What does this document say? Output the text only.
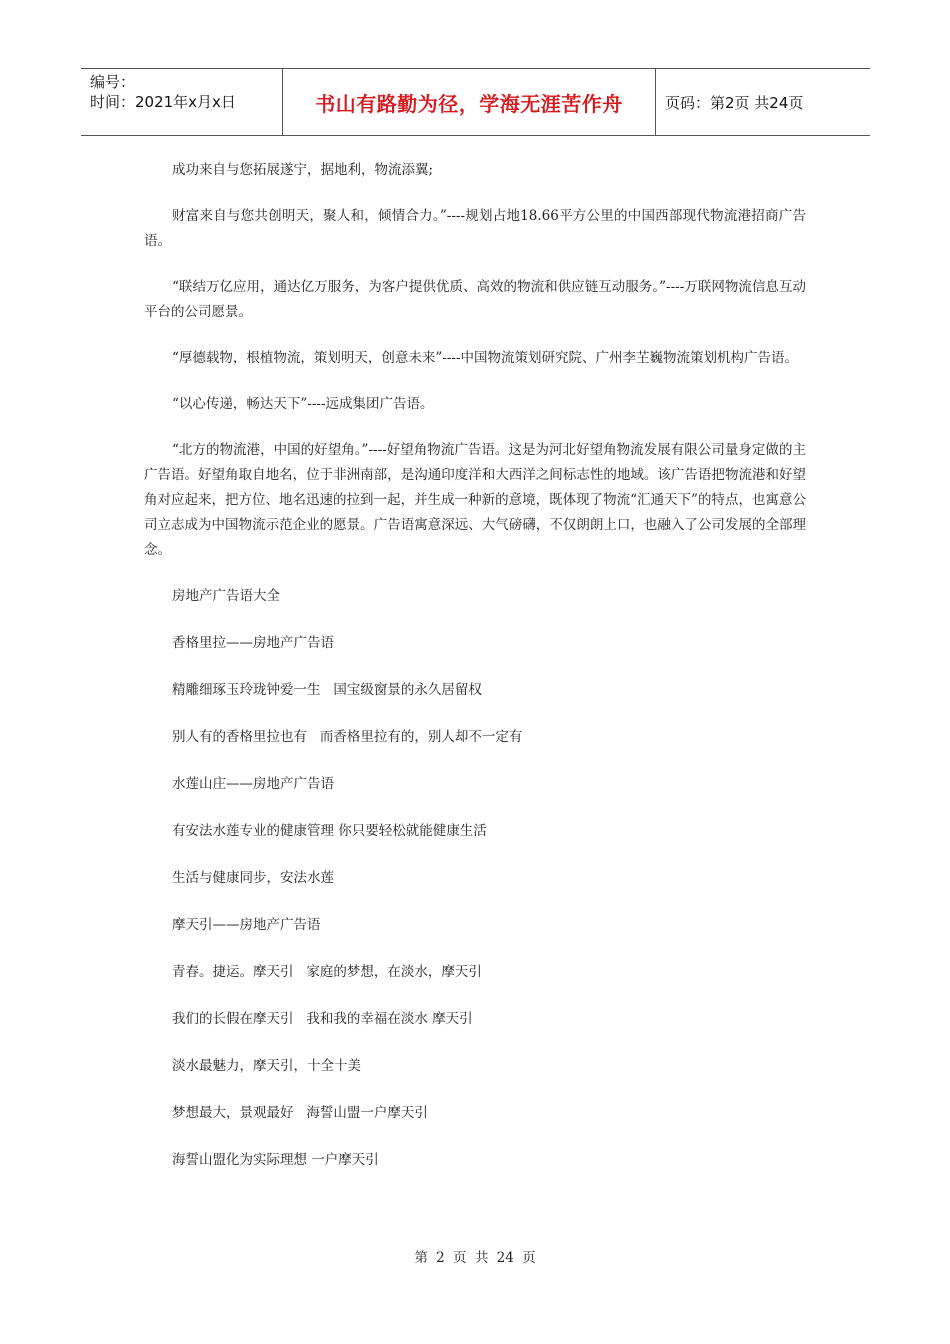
编号：
时间：2021年x月x日	书山有路勤为径，学海无涯苦作舟	页码：第2页 共24页

成功来自与您拓展遂宁，据地利，物流添翼;

财富来自与您共创明天，聚人和，倾情合力。”----规划占地18.66平方公里的中国西部现代物流港招商广告语。

“联结万亿应用，通达亿万服务，为客户提供优质、高效的物流和供应链互动服务。”----万联网物流信息互动平台的公司愿景。

“厚德载物，根植物流，策划明天，创意未来”----中国物流策划研究院、广州李芏巍物流策划机构广告语。

“以心传递，畅达天下”----远成集团广告语。

“北方的物流港，中国的好望角。”----好望角物流广告语。这是为河北好望角物流发展有限公司量身定做的主广告语。好望角取自地名，位于非洲南部，是沟通印度洋和大西洋之间标志性的地域。该广告语把物流港和好望角对应起来，把方位、地名迅速的拉到一起，并生成一种新的意境，既体现了物流“汇通天下”的特点，也寓意公司立志成为中国物流示范企业的愿景。广告语寓意深远、大气磅礴，不仅朗朗上口，也融入了公司发展的全部理念。

房地产广告语大全

香格里拉——房地产广告语

精雕细琢玉玲珑钟爱一生   国宝级窗景的永久居留权

别人有的香格里拉也有   而香格里拉有的，别人却不一定有

水莲山庄——房地产广告语

有安法水莲专业的健康管理 你只要轻松就能健康生活

生活与健康同步，安法水莲

摩天引——房地产广告语

青春。捷运。摩天引   家庭的梦想，在淡水，摩天引

我们的长假在摩天引   我和我的幸福在淡水 摩天引

淡水最魅力，摩天引，十全十美

梦想最大，景观最好   海誓山盟一户摩天引

海誓山盟化为实际理想 一户摩天引

第 2 页 共 24 页
